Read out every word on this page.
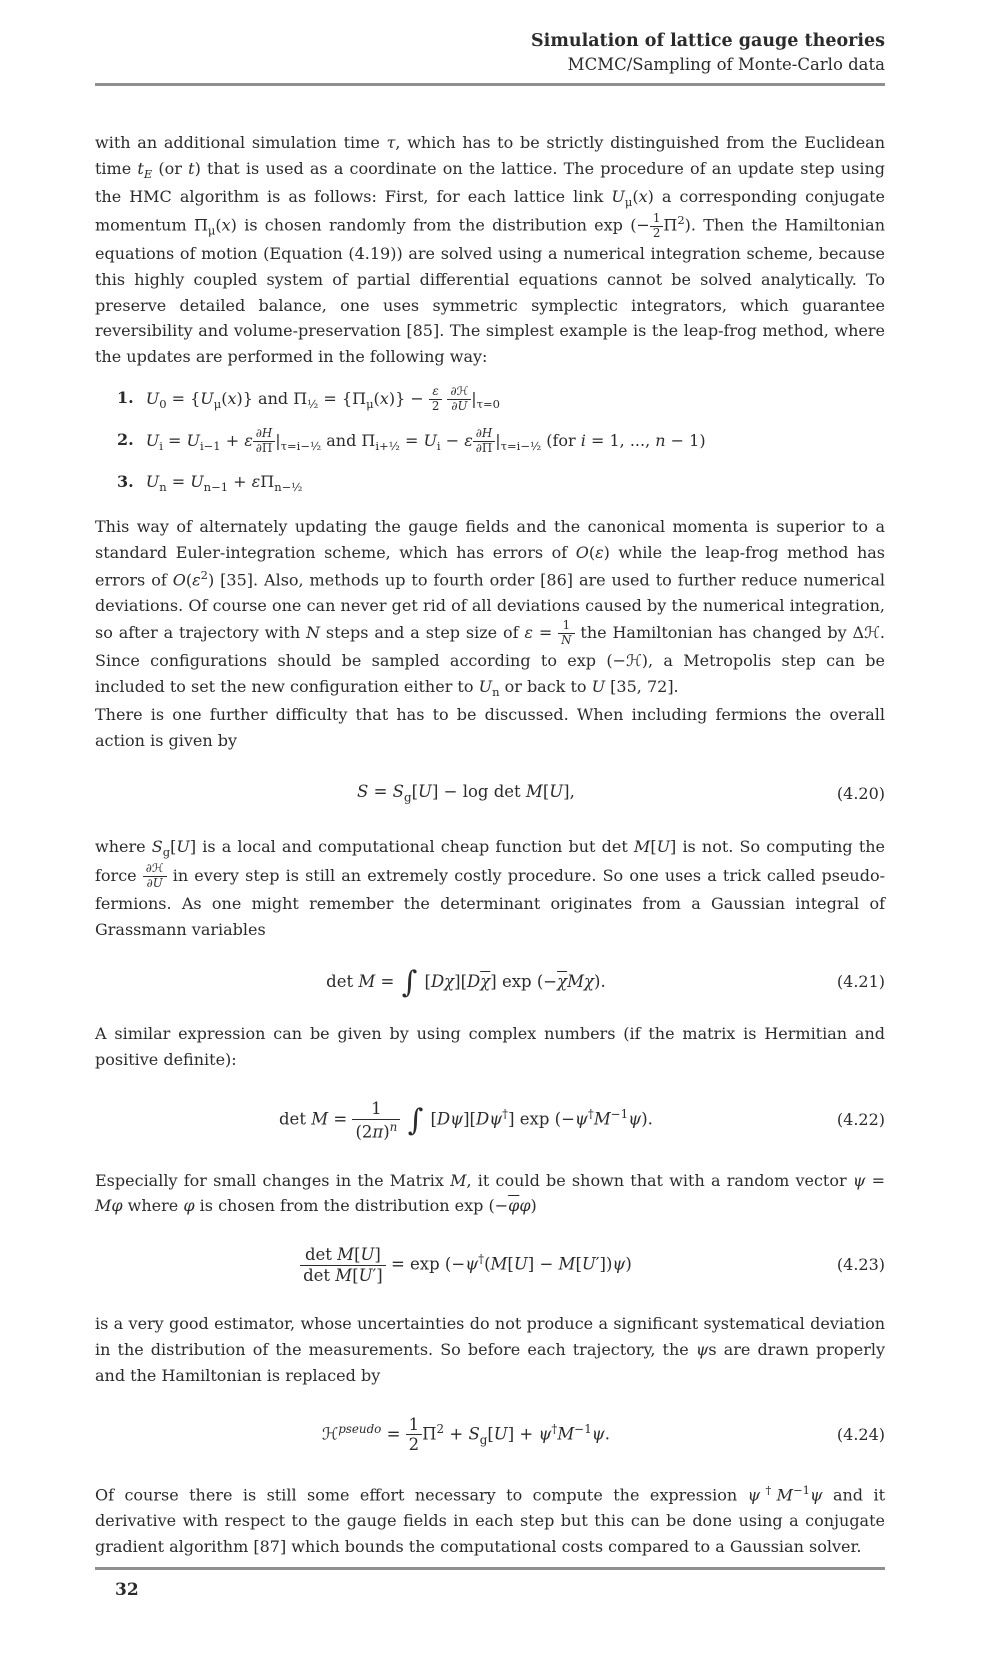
Simulation of lattice gauge theories
MCMC/Sampling of Monte-Carlo data

with an additional simulation time τ, which has to be strictly distinguished from the Euclidean time $t_E$ (or t) that is used as a coordinate on the lattice. The procedure of an update step using the HMC algorithm is as follows: First, for each lattice link $U_\mu(x)$ a corresponding conjugate momentum $\Pi_\mu(x)$ is chosen randomly from the distribution exp (− $\frac{1}{2} \Pi^2$). Then the Hamiltonian equations of motion (Equation (4.19)) are solved using a numerical integration scheme, because this highly coupled system of partial differential equations cannot be solved analytically. To preserve detailed balance, one uses symmetric symplectic integrators, which guarantee reversibility and volume-preservation [85]. The simplest example is the leap-frog method, where the updates are performed in the following way:

1. $U_0 = \{U_\mu(x)\}$ and $\Pi_{\frac{1}{2}} = \{\Pi_\mu(x)\} - \frac{\varepsilon}{2}$
$\frac{\text{∂ℋ}}{\partial U} |_{\tau=0}$
2. $U_i = U_{i-1} + \varepsilon \frac{\partial H}{\partial\Pi} |_{\tau=i-\frac{1}{2}}$ and $\Pi_{i+\frac{1}{2}} = U_i - \varepsilon \frac{\partial H}{\partial\Pi} |_{\tau=i-\frac{1}{2}}$ (for i = 1, ..., n − 1)
3. $U_n = U_{n-1} + \varepsilon\Pi_{n-\frac{1}{2}}$

This way of alternately updating the gauge fields and the canonical momenta is superior to a standard Euler-integration scheme, which has errors of O(ε) while the leap-frog method has errors of $O(\varepsilon^2)$ [35]. Also, methods up to fourth order [86] are used to further reduce numerical deviations. Of course one can never get rid of all deviations caused by the numerical integration, so after a trajectory with N steps and a step size of $\varepsilon = \frac{1}{N}$ the Hamiltonian has changed by Δℋ. Since configurations should be sampled according to exp (−ℋ), a Metropolis step can be included to set the new configuration either to $U_n$ or back to U [35, 72].

There is one further difficulty that has to be discussed. When including fermions the overall action is given by

$S = S_g[U] - \log \det M[U]$,	(4.20)

where $S_g[U]$ is a local and computational cheap function but det M[U] is not. So computing the force $\frac{\text{∂ℋ}}{\partial U}$ in every step is still an extremely costly procedure. So one uses a trick called pseudo-fermions. As one might remember the determinant originates from a Gaussian integral of Grassmann variables

det M = ∫ $[D\chi][D\overline{\chi}]$ $\exp (-\overline{\chi}M\chi)$.	(4.21)

A similar expression can be given by using complex numbers (if the matrix is Hermitian and positive definite):

$\det M = \frac{1}{(2\pi)^n}$ ∫ [Dψ][Dψ†] $\exp (-\psi^\dagger M^{-1}\psi)$.	(4.22)

Especially for small changes in the Matrix M, it could be shown that with a random vector ψ = Mφ where φ is chosen from the distribution $\exp (-\overline{\varphi}\varphi)$

$\frac{\text{det M[U]}}{\text{det M[U′]}} = \exp (-\psi^\dagger(M[U] - M[U'])\psi)$	(4.23)

is a very good estimator, whose uncertainties do not produce a significant systematical deviation in the distribution of the measurements. So before each trajectory, the ψs are drawn properly and the Hamiltonian is replaced by

ℋ$^{pseudo}$ = $\frac{1}{2} \Pi^2 + S_g[U] + \psi^\dagger M^{-1}\psi$.	(4.24)

Of course there is still some effort necessary to compute the expression $\psi^\dagger M^{-1}\psi$ and it derivative with respect to the gauge fields in each step but this can be done using a conjugate gradient algorithm [87] which bounds the computational costs compared to a Gaussian solver.

32
